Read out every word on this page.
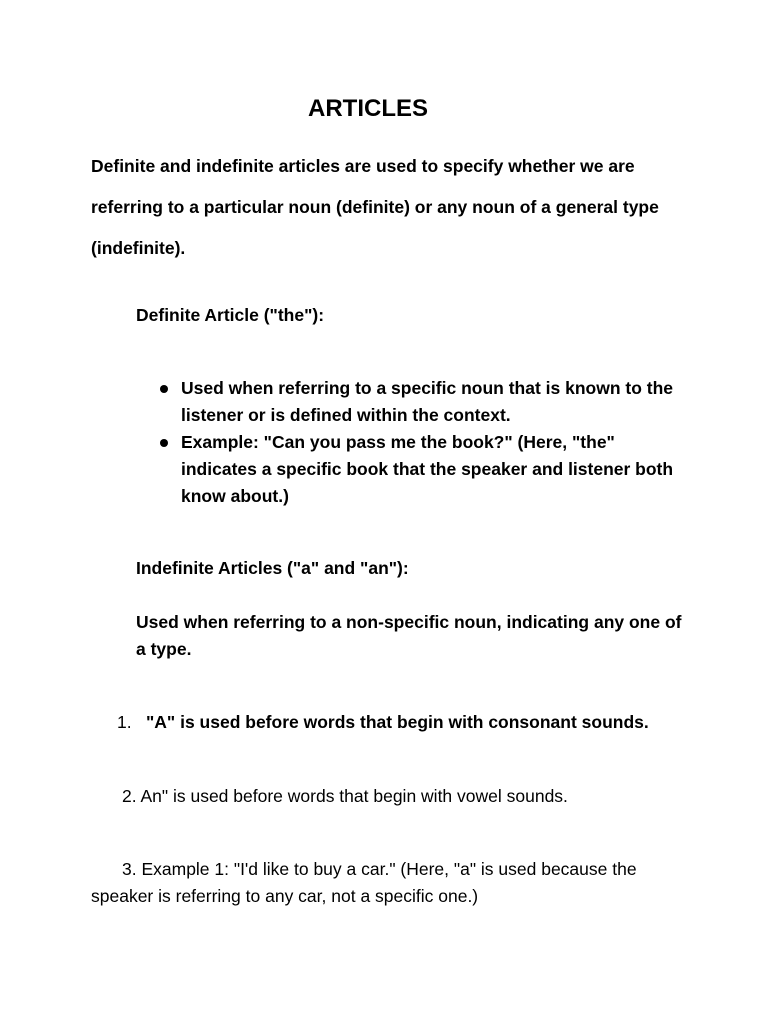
ARTICLES

Definite and indefinite articles are used to specify whether we are referring to a particular noun (definite) or any noun of a general type (indefinite).

Definite Article ("the"):

Used when referring to a specific noun that is known to the listener or is defined within the context.
Example: "Can you pass me the book?" (Here, "the" indicates a specific book that the speaker and listener both know about.)

Indefinite Articles ("a" and "an"):

Used when referring to a non-specific noun, indicating any one of a type.

1. "A" is used before words that begin with consonant sounds.

2. An" is used before words that begin with vowel sounds.

3. Example 1: "I'd like to buy a car." (Here, "a" is used because the speaker is referring to any car, not a specific one.)
